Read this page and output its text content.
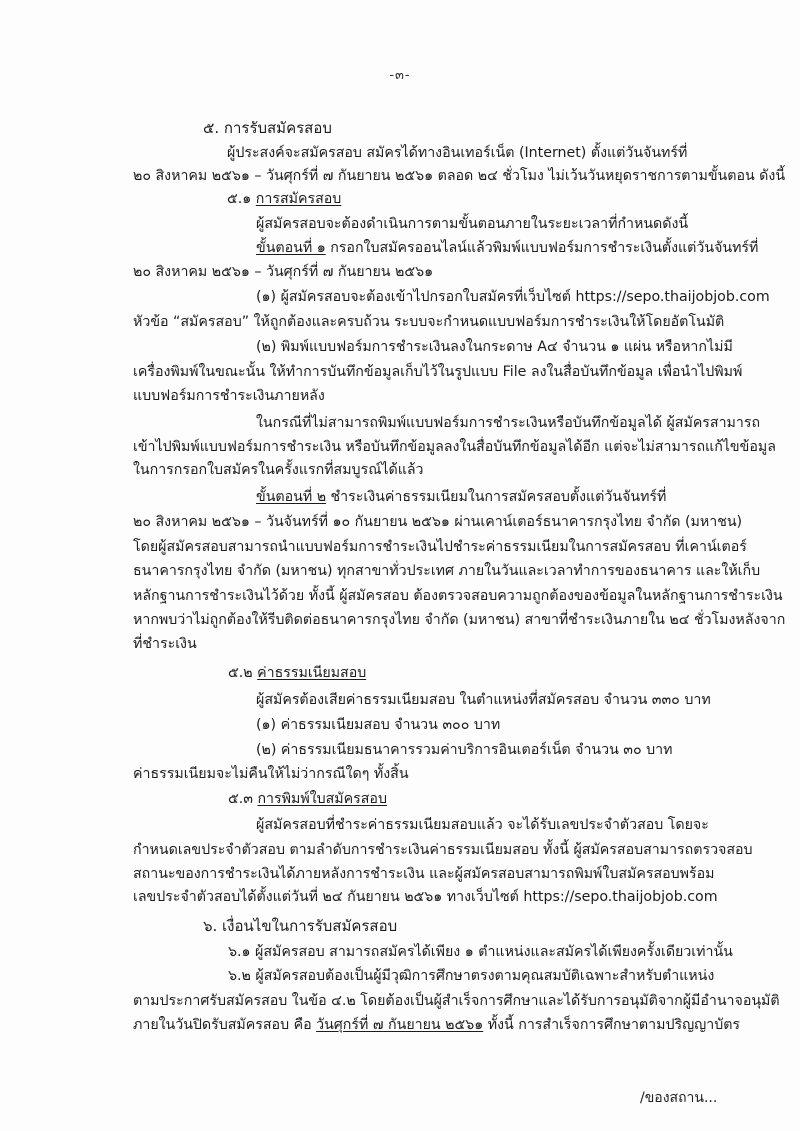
-๓-
๕. การรับสมัครสอบ
ผู้ประสงค์จะสมัครสอบ สมัครได้ทางอินเทอร์เน็ต (Internet) ตั้งแต่วันจันทร์ที่
๒๐ สิงหาคม ๒๕๖๑ – วันศุกร์ที่ ๗ กันยายน ๒๕๖๑ ตลอด ๒๔ ชั่วโมง ไม่เว้นวันหยุดราชการตามขั้นตอน ดังนี้
๕.๑ การสมัครสอบ
ผู้สมัครสอบจะต้องดำเนินการตามขั้นตอนภายในระยะเวลาที่กำหนดดังนี้
ขั้นตอนที่ ๑ กรอกใบสมัครออนไลน์แล้วพิมพ์แบบฟอร์มการชำระเงินตั้งแต่วันจันทร์ที่
๒๐ สิงหาคม ๒๕๖๑ – วันศุกร์ที่ ๗ กันยายน ๒๕๖๑
(๑) ผู้สมัครสอบจะต้องเข้าไปกรอกใบสมัครที่เว็บไซต์ https://sepo.thaijobjob.com
หัวข้อ “สมัครสอบ” ให้ถูกต้องและครบถ้วน ระบบจะกำหนดแบบฟอร์มการชำระเงินให้โดยอัตโนมัติ
(๒) พิมพ์แบบฟอร์มการชำระเงินลงในกระดาษ A๔ จำนวน ๑ แผ่น หรือหากไม่มี
เครื่องพิมพ์ในขณะนั้น ให้ทำการบันทึกข้อมูลเก็บไว้ในรูปแบบ File ลงในสื่อบันทึกข้อมูล เพื่อนำไปพิมพ์
แบบฟอร์มการชำระเงินภายหลัง
ในกรณีที่ไม่สามารถพิมพ์แบบฟอร์มการชำระเงินหรือบันทึกข้อมูลได้ ผู้สมัครสามารถ
เข้าไปพิมพ์แบบฟอร์มการชำระเงิน หรือบันทึกข้อมูลลงในสื่อบันทึกข้อมูลได้อีก แต่จะไม่สามารถแก้ไขข้อมูล
ในการกรอกใบสมัครในครั้งแรกที่สมบูรณ์ได้แล้ว
ขั้นตอนที่ ๒ ชำระเงินค่าธรรมเนียมในการสมัครสอบตั้งแต่วันจันทร์ที่
๒๐ สิงหาคม ๒๕๖๑ – วันจันทร์ที่ ๑๐ กันยายน ๒๕๖๑ ผ่านเคาน์เตอร์ธนาคารกรุงไทย จำกัด (มหาชน)
โดยผู้สมัครสอบสามารถนำแบบฟอร์มการชำระเงินไปชำระค่าธรรมเนียมในการสมัครสอบ ที่เคาน์เตอร์
ธนาคารกรุงไทย จำกัด (มหาชน) ทุกสาขาทั่วประเทศ ภายในวันและเวลาทำการของธนาคาร และให้เก็บ
หลักฐานการชำระเงินไว้ด้วย ทั้งนี้ ผู้สมัครสอบ ต้องตรวจสอบความถูกต้องของข้อมูลในหลักฐานการชำระเงิน
หากพบว่าไม่ถูกต้องให้รีบติดต่อธนาคารกรุงไทย จำกัด (มหาชน) สาขาที่ชำระเงินภายใน ๒๔ ชั่วโมงหลังจาก
ที่ชำระเงิน
๕.๒ ค่าธรรมเนียมสอบ
ผู้สมัครต้องเสียค่าธรรมเนียมสอบ ในตำแหน่งที่สมัครสอบ จำนวน ๓๓๐ บาท
(๑) ค่าธรรมเนียมสอบ จำนวน ๓๐๐ บาท
(๒) ค่าธรรมเนียมธนาคารรวมค่าบริการอินเตอร์เน็ต จำนวน ๓๐ บาท
ค่าธรรมเนียมจะไม่คืนให้ไม่ว่ากรณีใดๆ ทั้งสิ้น
๕.๓ การพิมพ์ใบสมัครสอบ
ผู้สมัครสอบที่ชำระค่าธรรมเนียมสอบแล้ว จะได้รับเลขประจำตัวสอบ โดยจะ
กำหนดเลขประจำตัวสอบ ตามลำดับการชำระเงินค่าธรรมเนียมสอบ ทั้งนี้ ผู้สมัครสอบสามารถตรวจสอบ
สถานะของการชำระเงินได้ภายหลังการชำระเงิน และผู้สมัครสอบสามารถพิมพ์ใบสมัครสอบพร้อม
เลขประจำตัวสอบได้ตั้งแต่วันที่ ๒๔ กันยายน ๒๕๖๑ ทางเว็บไซต์ https://sepo.thaijobjob.com
๖. เงื่อนไขในการรับสมัครสอบ
๖.๑ ผู้สมัครสอบ สามารถสมัครได้เพียง ๑ ตำแหน่งและสมัครได้เพียงครั้งเดียวเท่านั้น
๖.๒ ผู้สมัครสอบต้องเป็นผู้มีวุฒิการศึกษาตรงตามคุณสมบัติเฉพาะสำหรับตำแหน่ง
ตามประกาศรับสมัครสอบ ในข้อ ๔.๒ โดยต้องเป็นผู้สำเร็จการศึกษาและได้รับการอนุมัติจากผู้มีอำนาจอนุมัติ
ภายในวันปิดรับสมัครสอบ คือ วันศุกร์ที่ ๗ กันยายน ๒๕๖๑ ทั้งนี้ การสำเร็จการศึกษาตามปริญญาบัตร
/ของสถาน...
